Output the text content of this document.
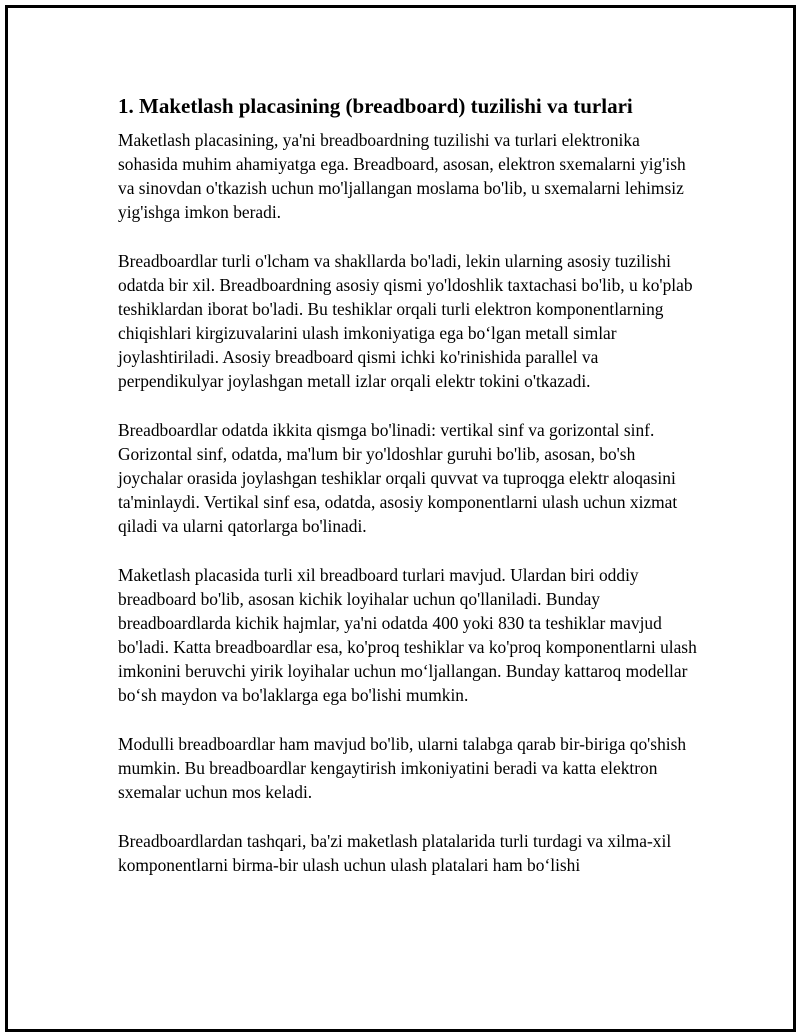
1. Maketlash placasining (breadboard) tuzilishi va turlari

Maketlash placasining, ya'ni breadboardning tuzilishi va turlari elektronika sohasida muhim ahamiyatga ega. Breadboard, asosan, elektron sxemalarni yig'ish va sinovdan o'tkazish uchun mo'ljallangan moslama bo'lib, u sxemalarni lehimsiz yig'ishga imkon beradi.

Breadboardlar turli o'lcham va shakllarda bo'ladi, lekin ularning asosiy tuzilishi odatda bir xil. Breadboardning asosiy qismi yo'ldoshlik taxtachasi bo'lib, u ko'plab teshiklardan iborat bo'ladi. Bu teshiklar orqali turli elektron komponentlarning chiqishlari kirgizuvalarini ulash imkoniyatiga ega bo‘lgan metall simlar joylashtiriladi. Asosiy breadboard qismi ichki ko'rinishida parallel va perpendikulyar joylashgan metall izlar orqali elektr tokini o'tkazadi.

Breadboardlar odatda ikkita qismga bo'linadi: vertikal sinf va gorizontal sinf. Gorizontal sinf, odatda, ma'lum bir yo'ldoshlar guruhi bo'lib, asosan, bo'sh joychalar orasida joylashgan teshiklar orqali quvvat va tuproqga elektr aloqasini ta'minlaydi. Vertikal sinf esa, odatda, asosiy komponentlarni ulash uchun xizmat qiladi va ularni qatorlarga bo'linadi.

Maketlash placasida turli xil breadboard turlari mavjud. Ulardan biri oddiy breadboard bo'lib, asosan kichik loyihalar uchun qo'llaniladi. Bunday breadboardlarda kichik hajmlar, ya'ni odatda 400 yoki 830 ta teshiklar mavjud bo'ladi. Katta breadboardlar esa, ko'proq teshiklar va ko'proq komponentlarni ulash imkonini beruvchi yirik loyihalar uchun mo‘ljallangan. Bunday kattaroq modellar bo‘sh maydon va bo'laklarga ega bo'lishi mumkin.

Modulli breadboardlar ham mavjud bo'lib, ularni talabga qarab bir-biriga qo'shish mumkin. Bu breadboardlar kengaytirish imkoniyatini beradi va katta elektron sxemalar uchun mos keladi.

Breadboardlardan tashqari, ba'zi maketlash platalarida turli turdagi va xilma-xil komponentlarni birma-bir ulash uchun ulash platalari ham bo‘lishi
